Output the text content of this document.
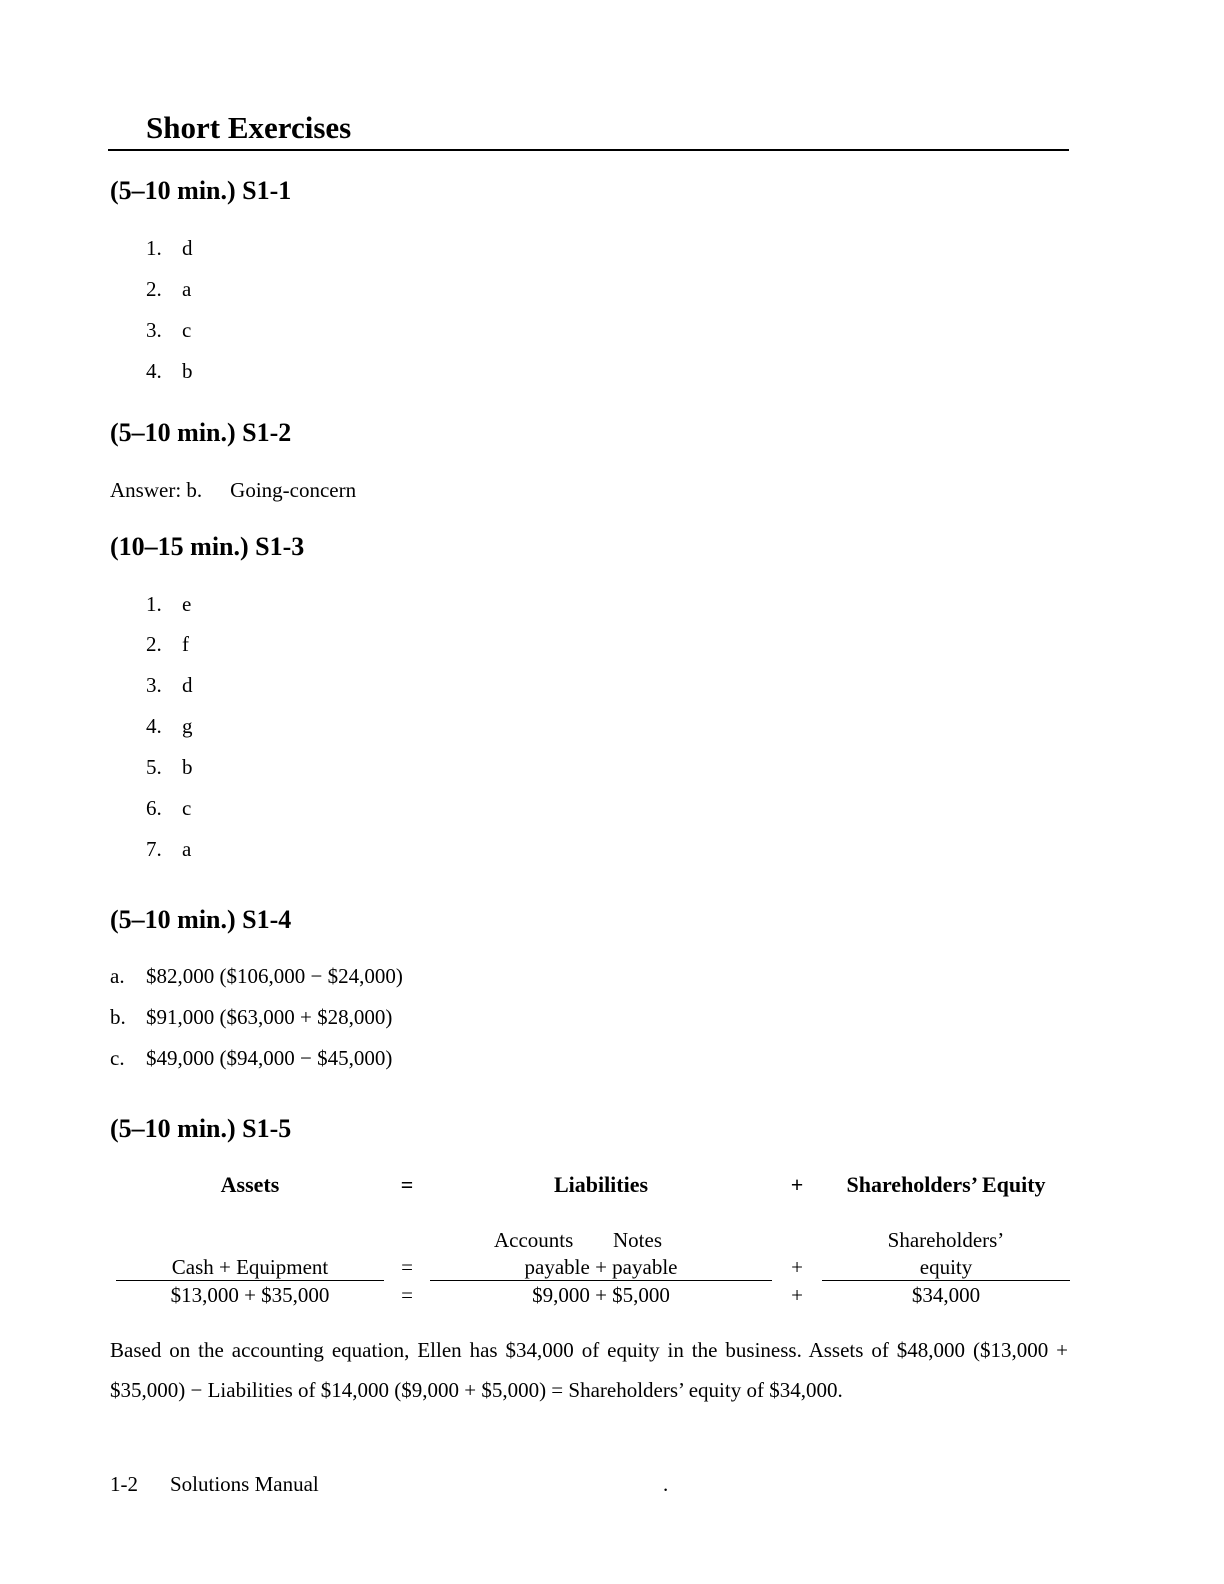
Short Exercises
(5–10 min.) S1-1
1. d
2. a
3. c
4. b
(5–10 min.) S1-2
Answer: b. Going-concern
(10–15 min.) S1-3
1. e
2. f
3. d
4. g
5. b
6. c
7. a
(5–10 min.) S1-4
a. $82,000 ($106,000 − $24,000)
b. $91,000 ($63,000 + $28,000)
c. $49,000 ($94,000 − $45,000)
(5–10 min.) S1-5
Assets	=	Liabilities	+	Shareholders’ Equity
Accounts Notes	Shareholders’
Cash + Equipment	=	payable + payable	+	equity
$13,000 + $35,000	=	$9,000 + $5,000	+	$34,000
Based on the accounting equation, Ellen has $34,000 of equity in the business. Assets of $48,000 ($13,000 + $35,000) − Liabilities of $14,000 ($9,000 + $5,000) = Shareholders’ equity of $34,000.
1-2 Solutions Manual	.
